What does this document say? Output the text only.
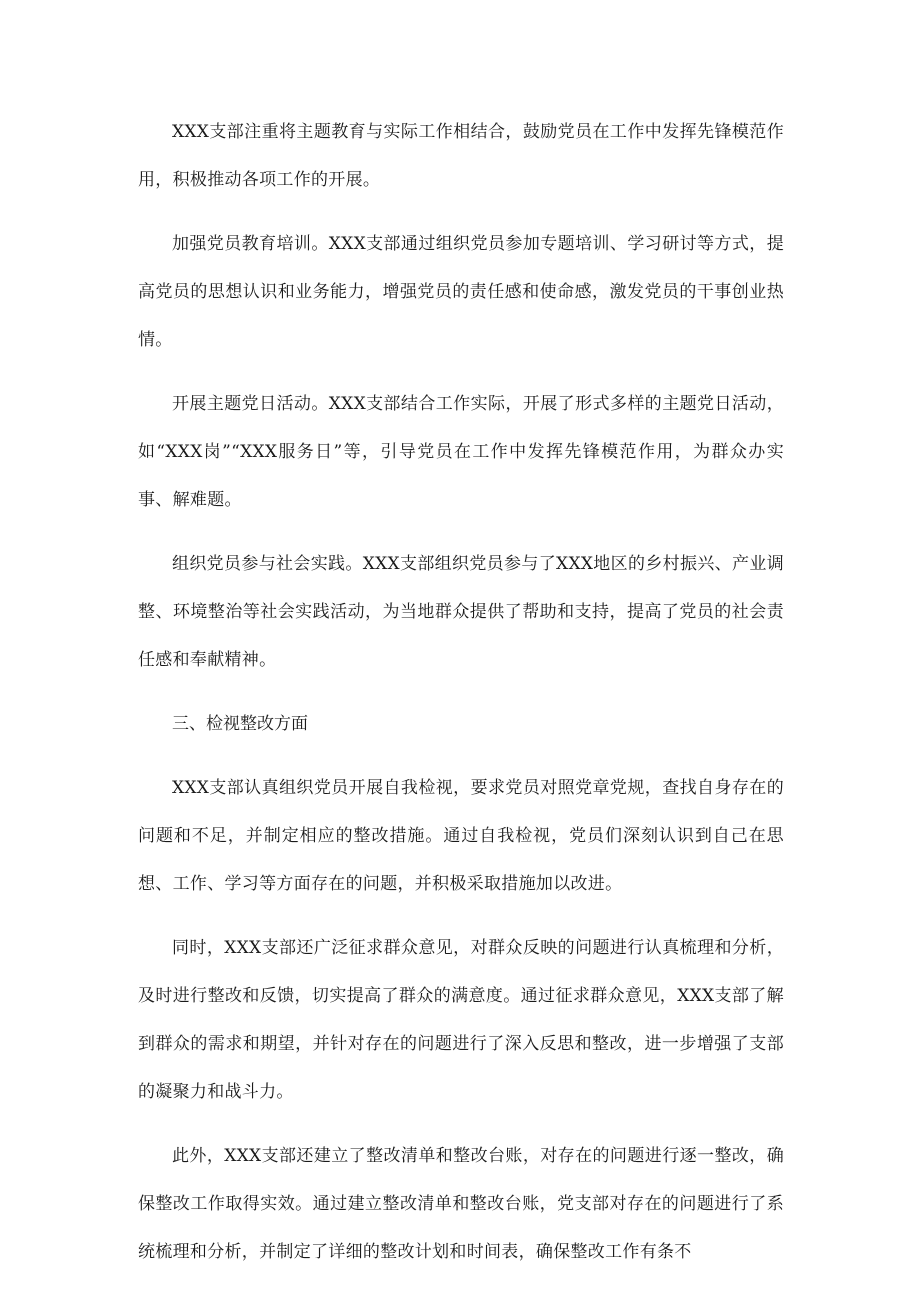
XXX支部注重将主题教育与实际工作相结合，鼓励党员在工作中发挥先锋模范作用，积极推动各项工作的开展。

加强党员教育培训。XXX支部通过组织党员参加专题培训、学习研讨等方式，提高党员的思想认识和业务能力，增强党员的责任感和使命感，激发党员的干事创业热情。

开展主题党日活动。XXX支部结合工作实际，开展了形式多样的主题党日活动，如“XXX岗”“XXX服务日”等，引导党员在工作中发挥先锋模范作用，为群众办实事、解难题。

组织党员参与社会实践。XXX支部组织党员参与了XXX地区的乡村振兴、产业调整、环境整治等社会实践活动，为当地群众提供了帮助和支持，提高了党员的社会责任感和奉献精神。

三、检视整改方面

XXX支部认真组织党员开展自我检视，要求党员对照党章党规，查找自身存在的问题和不足，并制定相应的整改措施。通过自我检视，党员们深刻认识到自己在思想、工作、学习等方面存在的问题，并积极采取措施加以改进。

同时，XXX支部还广泛征求群众意见，对群众反映的问题进行认真梳理和分析，及时进行整改和反馈，切实提高了群众的满意度。通过征求群众意见，XXX支部了解到群众的需求和期望，并针对存在的问题进行了深入反思和整改，进一步增强了支部的凝聚力和战斗力。

此外，XXX支部还建立了整改清单和整改台账，对存在的问题进行逐一整改，确保整改工作取得实效。通过建立整改清单和整改台账，党支部对存在的问题进行了系统梳理和分析，并制定了详细的整改计划和时间表，确保整改工作有条不
